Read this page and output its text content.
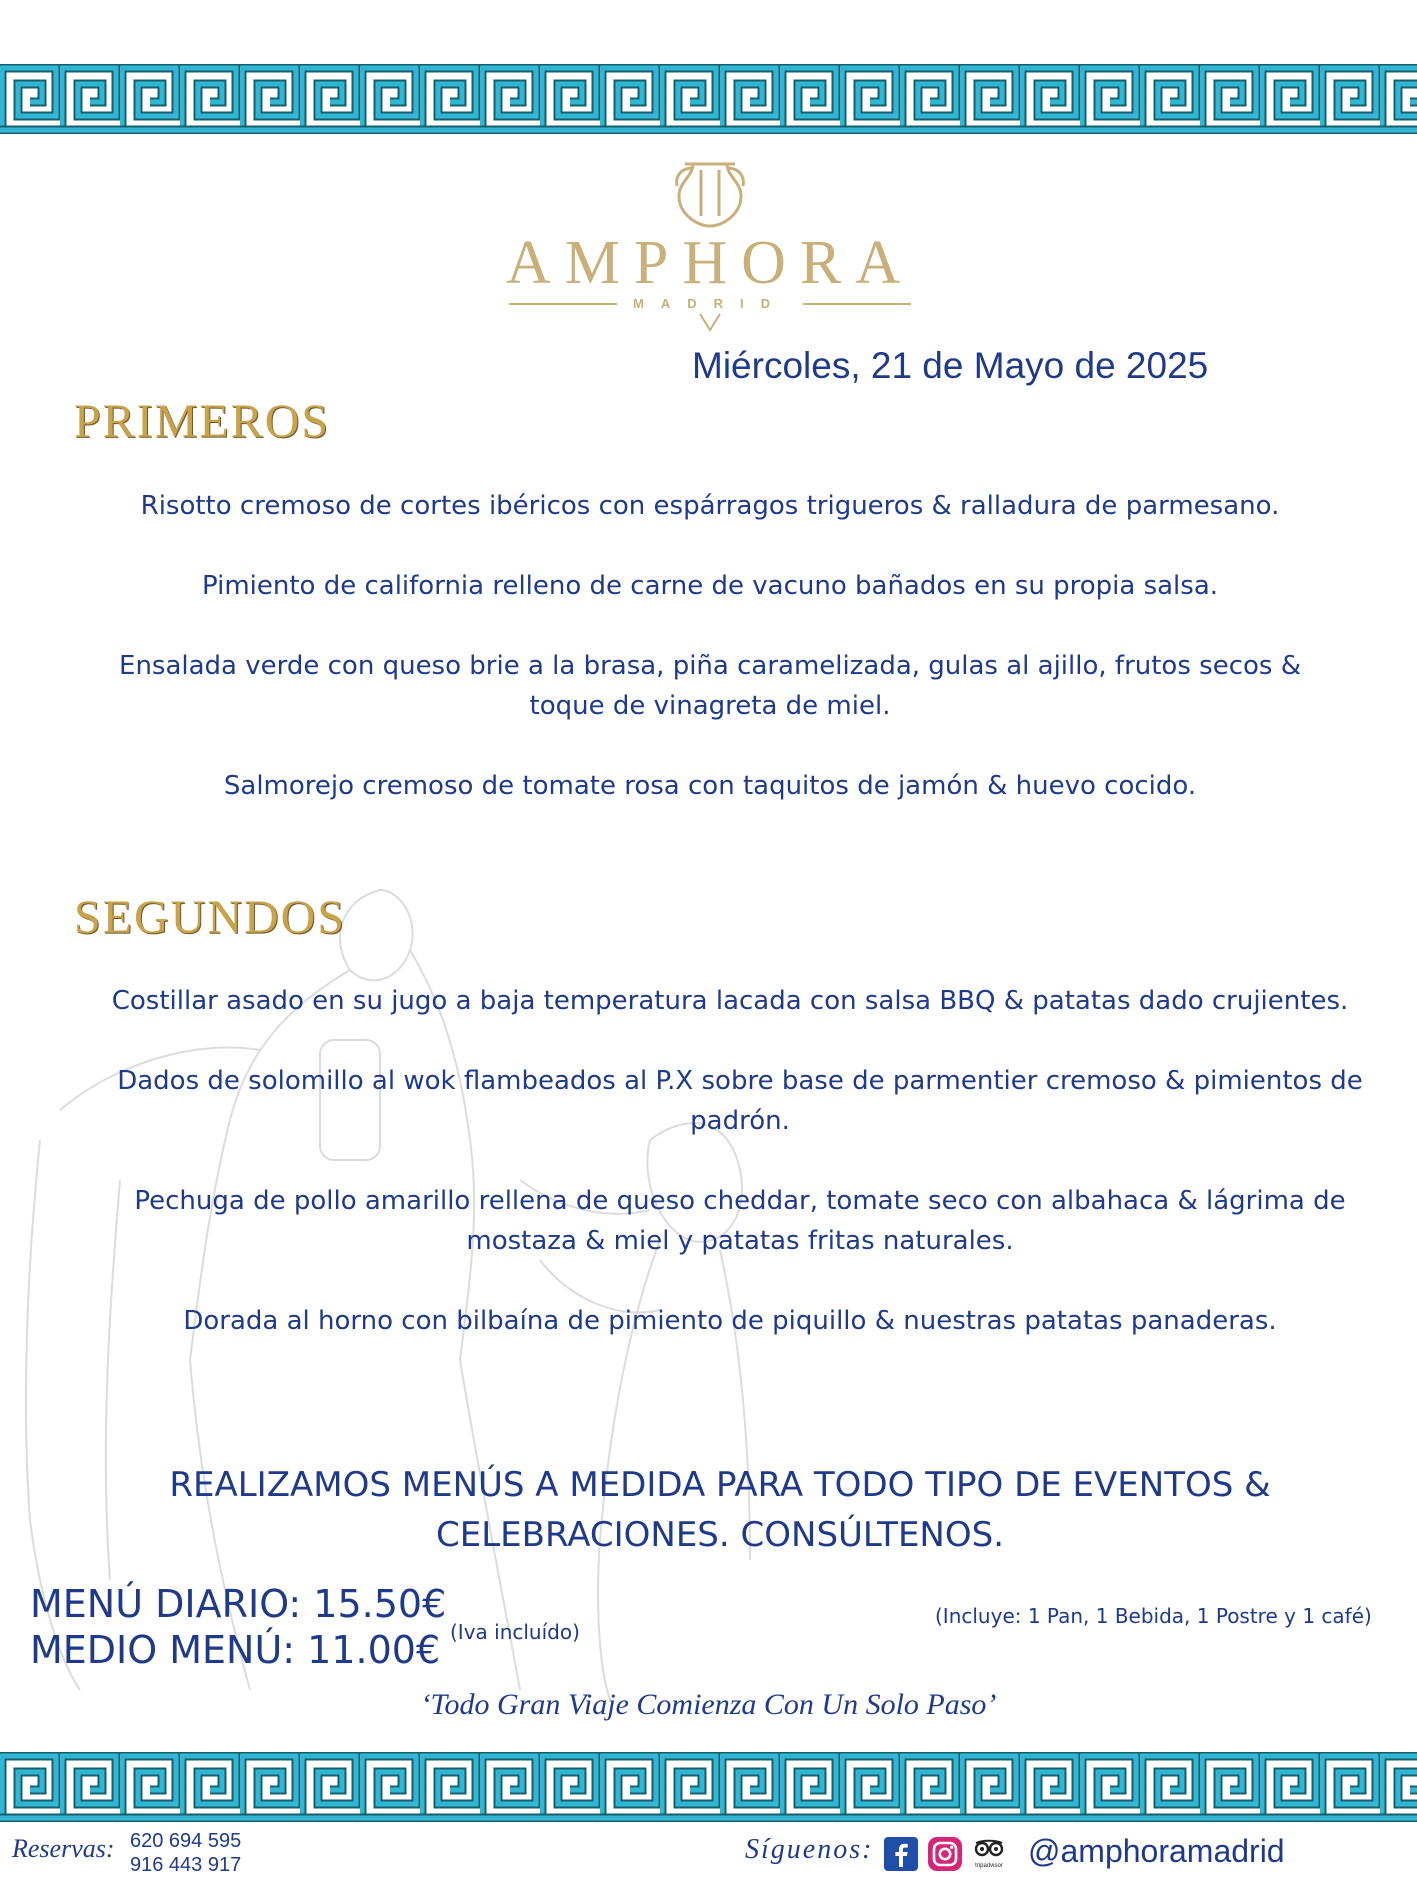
AMPHORA
MADRID
Miércoles, 21 de Mayo de 2025
PRIMEROS
Risotto cremoso de cortes ibéricos con espárragos trigueros & ralladura de parmesano.
Pimiento de california relleno de carne de vacuno bañados en su propia salsa.
Ensalada verde con queso brie a la brasa, piña caramelizada, gulas al ajillo, frutos secos & toque de vinagreta de miel.
Salmorejo cremoso de tomate rosa con taquitos de jamón & huevo cocido.
SEGUNDOS
Costillar asado en su jugo a baja temperatura lacada con salsa BBQ & patatas dado crujientes.
Dados de solomillo al wok flambeados al P.X sobre base de parmentier cremoso & pimientos de padrón.
Pechuga de pollo amarillo rellena de queso cheddar, tomate seco con albahaca & lágrima de mostaza & miel y patatas fritas naturales.
Dorada al horno con bilbaína de pimiento de piquillo & nuestras patatas panaderas.
REALIZAMOS MENÚS A MEDIDA PARA TODO TIPO DE EVENTOS & CELEBRACIONES. CONSÚLTENOS.
MENÚ DIARIO: 15.50€
MEDIO MENÚ: 11.00€ (Iva incluído)
(Incluye: 1 Pan, 1 Bebida, 1 Postre y 1 café)
‘Todo Gran Viaje Comienza Con Un Solo Paso’
Reservas: 620 694 595
916 443 917	Síguenos:
tripadvisor @amphoramadrid
